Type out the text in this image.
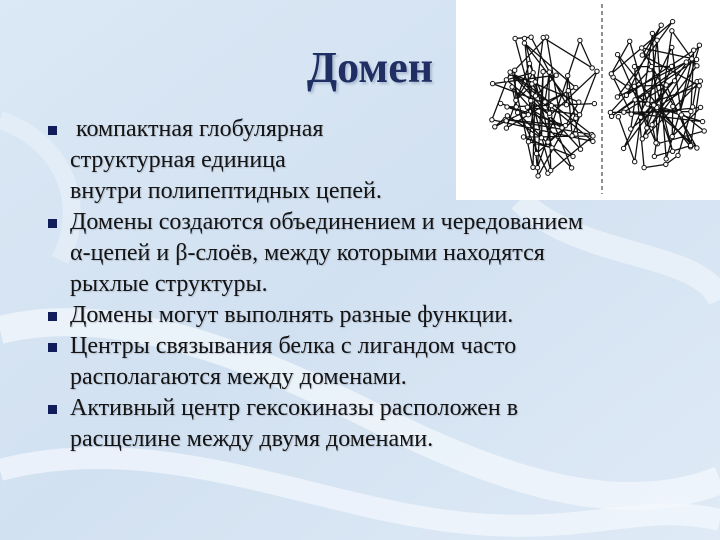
Домен
компактная глобулярная
структурная единица
внутри полипептидных цепей.
Домены создаются объединением и чередованием
α-цепей и β-слоёв, между которыми находятся
рыхлые структуры.
Домены могут выполнять разные функции.
Центры связывания белка с лигандом часто
располагаются между доменами.
Активный центр гексокиназы расположен в
расщелине между двумя доменами.
